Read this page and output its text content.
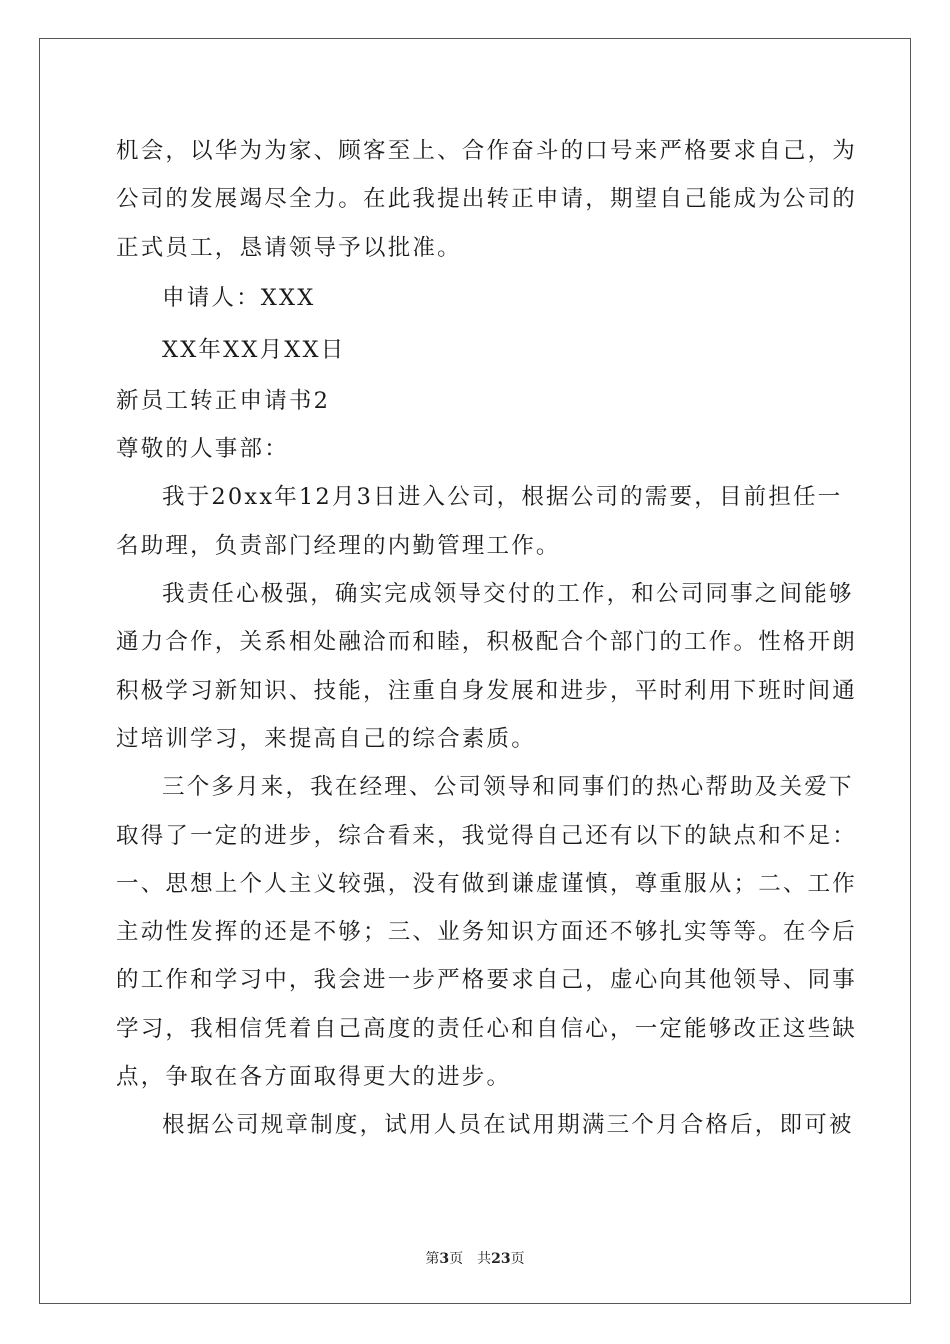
机会，以华为为家、顾客至上、合作奋斗的口号来严格要求自己，为
公司的发展竭尽全力。在此我提出转正申请，期望自己能成为公司的
正式员工，恳请领导予以批准。
申请人：XXX
XX年XX月XX日
新员工转正申请书2
尊敬的人事部：
我于20xx年12月3日进入公司，根据公司的需要，目前担任一
名助理，负责部门经理的内勤管理工作。
我责任心极强，确实完成领导交付的工作，和公司同事之间能够
通力合作，关系相处融洽而和睦，积极配合个部门的工作。性格开朗
积极学习新知识、技能，注重自身发展和进步，平时利用下班时间通
过培训学习，来提高自己的综合素质。
三个多月来，我在经理、公司领导和同事们的热心帮助及关爱下
取得了一定的进步，综合看来，我觉得自己还有以下的缺点和不足：
一、思想上个人主义较强，没有做到谦虚谨慎，尊重服从；二、工作
主动性发挥的还是不够；三、业务知识方面还不够扎实等等。在今后
的工作和学习中，我会进一步严格要求自己，虚心向其他领导、同事
学习，我相信凭着自己高度的责任心和自信心，一定能够改正这些缺
点，争取在各方面取得更大的进步。
根据公司规章制度，试用人员在试用期满三个月合格后，即可被
第3页 共23页
